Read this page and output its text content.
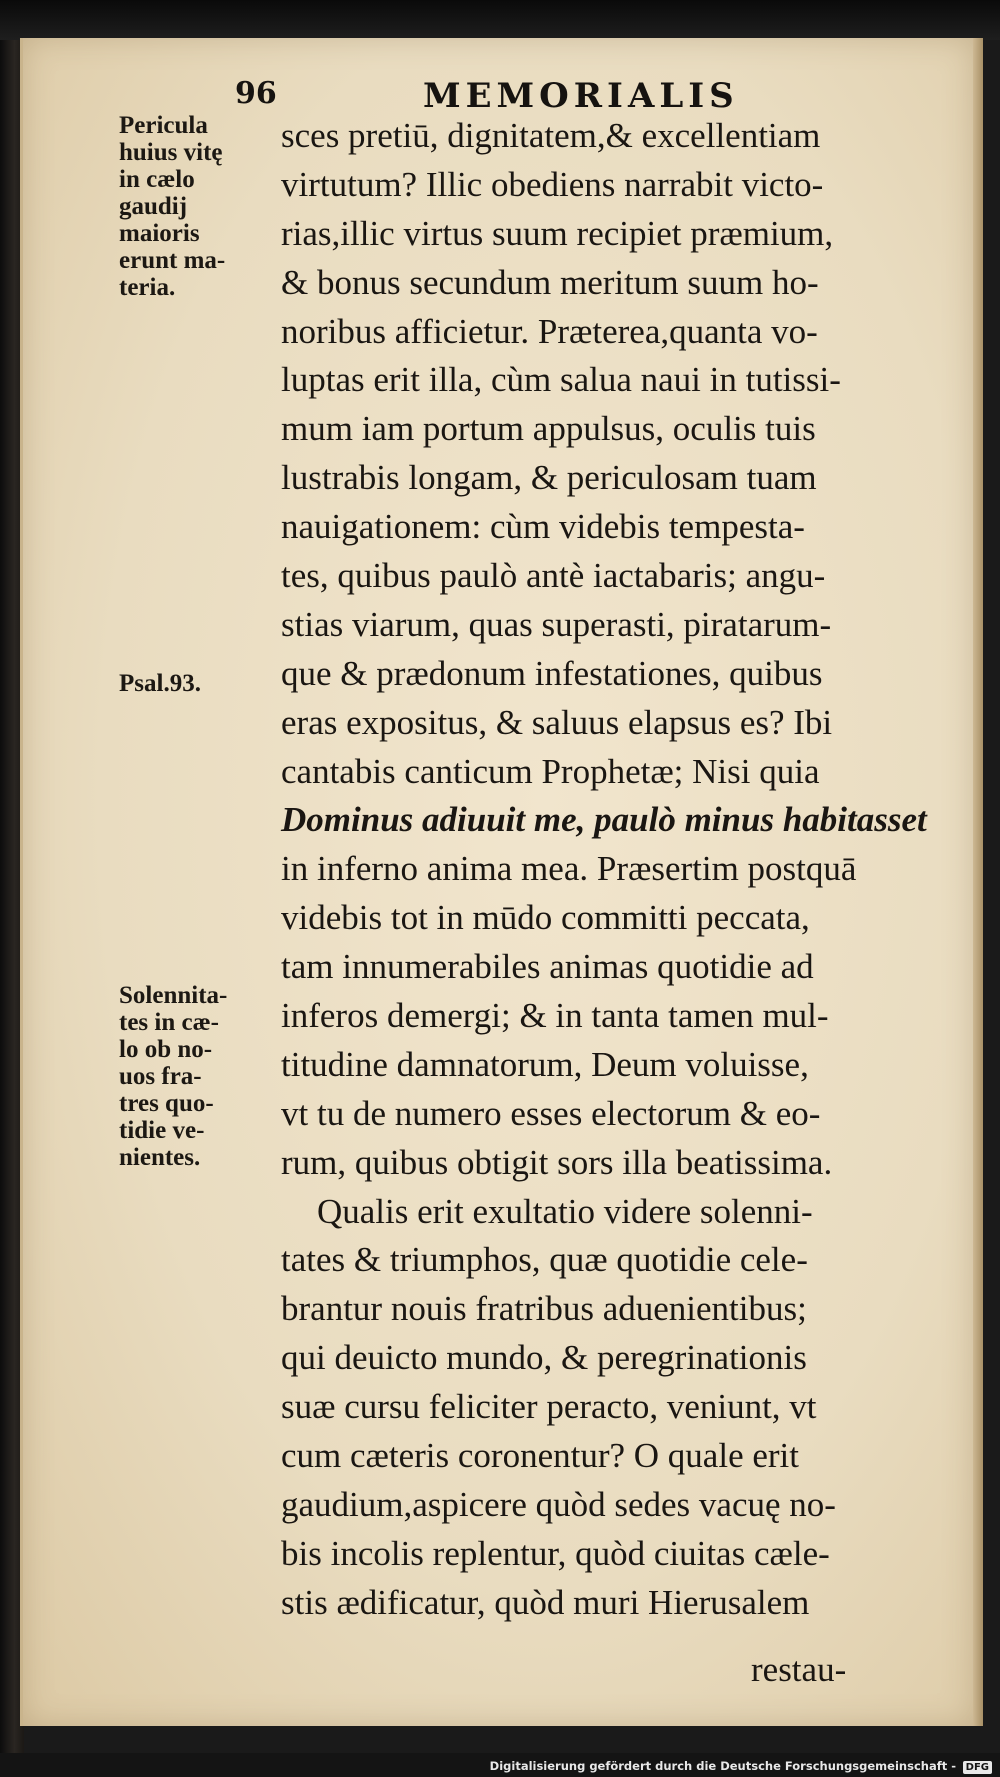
96	MEMORIALIS
Pericula
huius vitę
in cælo
gaudij
maioris
erunt ma-
teria.
Psal.93.
Solennita-
tes in cæ-
lo ob no-
uos fra-
tres quo-
tidie ve-
nientes.
sces pretiū, dignitatem,& excellentiam
virtutum? Illic obediens narrabit victo-
rias,illic virtus suum recipiet præmium,
& bonus secundum meritum suum ho-
noribus afficietur. Præterea,quanta vo-
luptas erit illa, cùm salua naui in tutissi-
mum iam portum appulsus, oculis tuis
lustrabis longam, & periculosam tuam
nauigationem: cùm videbis tempesta-
tes, quibus paulò antè iactabaris; angu-
stias viarum, quas superasti, piratarum-
que & prædonum infestationes, quibus
eras expositus, & saluus elapsus es? Ibi
cantabis canticum Prophetæ; Nisi quia
Dominus adiuuit me, paulò minus habitasset
in inferno anima mea. Præsertim postquā
videbis tot in mūdo committi peccata,
tam innumerabiles animas quotidie ad
inferos demergi; & in tanta tamen mul-
titudine damnatorum, Deum voluisse,
vt tu de numero esses electorum & eo-
rum, quibus obtigit sors illa beatissima.
Qualis erit exultatio videre solenni-
tates & triumphos, quæ quotidie cele-
brantur nouis fratribus aduenientibus;
qui deuicto mundo, & peregrinationis
suæ cursu feliciter peracto, veniunt, vt
cum cæteris coronentur? O quale erit
gaudium,aspicere quòd sedes vacuę no-
bis incolis replentur, quòd ciuitas cæle-
stis ædificatur, quòd muri Hierusalem
restau-
Digitalisierung gefördert durch die Deutsche Forschungsgemeinschaft - DFG
